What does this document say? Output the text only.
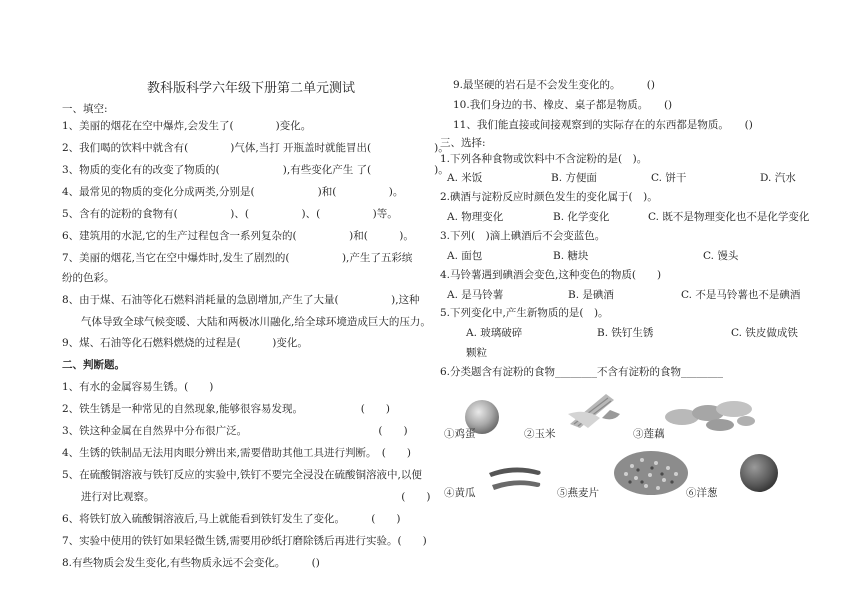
教科版科学六年级下册第二单元测试
一、填空:
1、美丽的烟花在空中爆炸,会发生了(　　　　)变化。
2、我们喝的饮料中就含有(　　　　)气体,当打 开瓶盖时就能冒出(　　　　　　)。
3、物质的变化有的改变了物质的(　　　　　　),有些变化产生 了(　　　　　　)。
4、最常见的物质的变化分成两类,分别是(　　　　　　)和(　　　　　)。
5、含有的淀粉的食物有(　　　　　)、(　　　　　)、(　　　　　)等。
6、建筑用的水泥,它的生产过程包含一系列复杂的(　　　　　)和(　　　)。
7、美丽的烟花,当它在空中爆炸时,发生了剧烈的(　　　　　),产生了五彩缤
纷的色彩。
8、由于煤、石油等化石燃料消耗量的急剧增加,产生了大量(　　　　　),这种
气体导致全球气候变暖、大陆和两极冰川融化,给全球环境造成巨大的压力。
9、煤、石油等化石燃料燃烧的过程是(　　　)变化。
二、判断题。
1、有水的金属容易生锈。(　　)
2、铁生锈是一种常见的自然现象,能够很容易发现。　　　　　　(　　)
3、铁这种金属在自然界中分布很广泛。　　　　　　　　　　　　　(　　)
4、生锈的铁制品无法用肉眼分辨出来,需要借助其他工具进行判断。　(　　)
5、在硫酸铜溶液与铁钉反应的实验中,铁钉不要完全浸没在硫酸铜溶液中,以便
进行对比观察。　　　　　　　　　　　　　　　　　　　　　　　　(　　)
6、将铁钉放入硫酸铜溶液后,马上就能看到铁钉发生了变化。　　　(　　)
7、实验中使用的铁钉如果轻微生锈,需要用砂纸打磨除锈后再进行实验。(　　)
8.有些物质会发生变化,有些物质永远不会变化。　　　()
9.最坚硬的岩石是不会发生变化的。　　　()
10.我们身边的书、橡皮、桌子都是物质。　　()
11、我们能直接或间接观察到的实际存在的东西都是物质。　　()
三、选择:
1.下列各种食物或饮料中不含淀粉的是(　)。
A. 米饭	B. 方便面	C. 饼干	D. 汽水
2.碘酒与淀粉反应时颜色发生的变化属于(　)。
A. 物理变化	B. 化学变化	C. 既不是物理变化也不是化学变化
3.下列(　)滴上碘酒后不会变蓝色。
A. 面包	B. 糖块	C. 馒头
4.马铃薯遇到碘酒会变色,这种变色的物质(　　)
A. 是马铃薯	B. 是碘酒	C. 不是马铃薯也不是碘酒
5.下列变化中,产生新物质的是(　)。
A. 玻璃破碎	B. 铁钉生锈	C. 铁皮做成铁
颗粒
6.分类题含有淀粉的食物________不含有淀粉的食物________
①鸡蛋	②玉米	③莲藕
④黄瓜	⑤燕麦片	⑥洋葱
